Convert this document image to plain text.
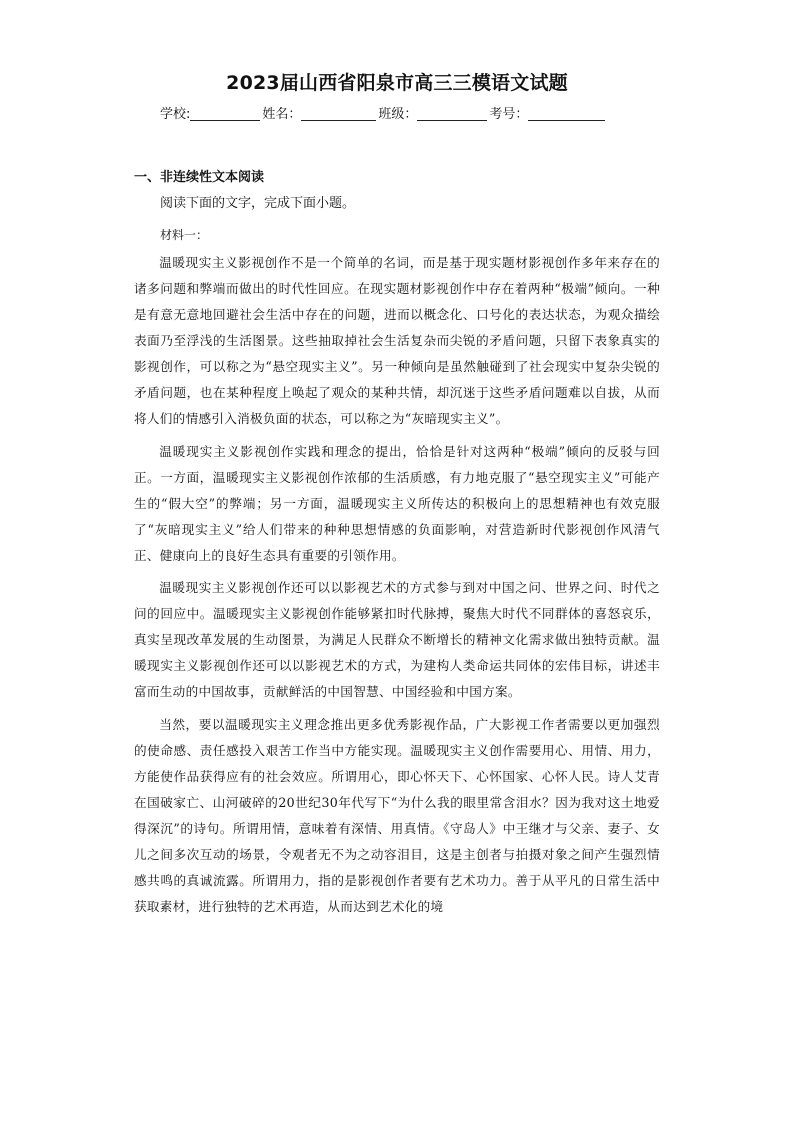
2023届山西省阳泉市高三三模语文试题
学校:	姓名：	班级：	考号：
一、非连续性文本阅读
阅读下面的文字，完成下面小题。
材料一：

温暖现实主义影视创作不是一个简单的名词，而是基于现实题材影视创作多年来存在的诸多问题和弊端而做出的时代性回应。在现实题材影视创作中存在着两种“极端”倾向。一种是有意无意地回避社会生活中存在的问题，进而以概念化、口号化的表达状态，为观众描绘表面乃至浮浅的生活图景。这些抽取掉社会生活复杂而尖锐的矛盾问题，只留下表象真实的影视创作，可以称之为“悬空现实主义”。另一种倾向是虽然触碰到了社会现实中复杂尖锐的矛盾问题，也在某种程度上唤起了观众的某种共情，却沉迷于这些矛盾问题难以自拔，从而将人们的情感引入消极负面的状态，可以称之为“灰暗现实主义”。

温暖现实主义影视创作实践和理念的提出，恰恰是针对这两种“极端”倾向的反驳与回正。一方面，温暖现实主义影视创作浓郁的生活质感，有力地克服了“悬空现实主义”可能产生的“假大空”的弊端；另一方面，温暖现实主义所传达的积极向上的思想精神也有效克服了“灰暗现实主义”给人们带来的种种思想情感的负面影响，对营造新时代影视创作风清气正、健康向上的良好生态具有重要的引领作用。

温暖现实主义影视创作还可以以影视艺术的方式参与到对中国之问、世界之问、时代之问的回应中。温暖现实主义影视创作能够紧扣时代脉搏，聚焦大时代不同群体的喜怒哀乐，真实呈现改革发展的生动图景，为满足人民群众不断增长的精神文化需求做出独特贡献。温暖现实主义影视创作还可以以影视艺术的方式，为建构人类命运共同体的宏伟目标，讲述丰富而生动的中国故事，贡献鲜活的中国智慧、中国经验和中国方案。

当然，要以温暖现实主义理念推出更多优秀影视作品，广大影视工作者需要以更加强烈的使命感、责任感投入艰苦工作当中方能实现。温暖现实主义创作需要用心、用情、用力，方能使作品获得应有的社会效应。所谓用心，即心怀天下、心怀国家、心怀人民。诗人艾青在国破家亡、山河破碎的20世纪30年代写下“为什么我的眼里常含泪水？因为我对这土地爱得深沉”的诗句。所谓用情，意味着有深情、用真情。《守岛人》中王继才与父亲、妻子、女儿之间多次互动的场景，令观者无不为之动容泪目，这是主创者与拍摄对象之间产生强烈情感共鸣的真诚流露。所谓用力，指的是影视创作者要有艺术功力。善于从平凡的日常生活中获取素材，进行独特的艺术再造，从而达到艺术化的境
